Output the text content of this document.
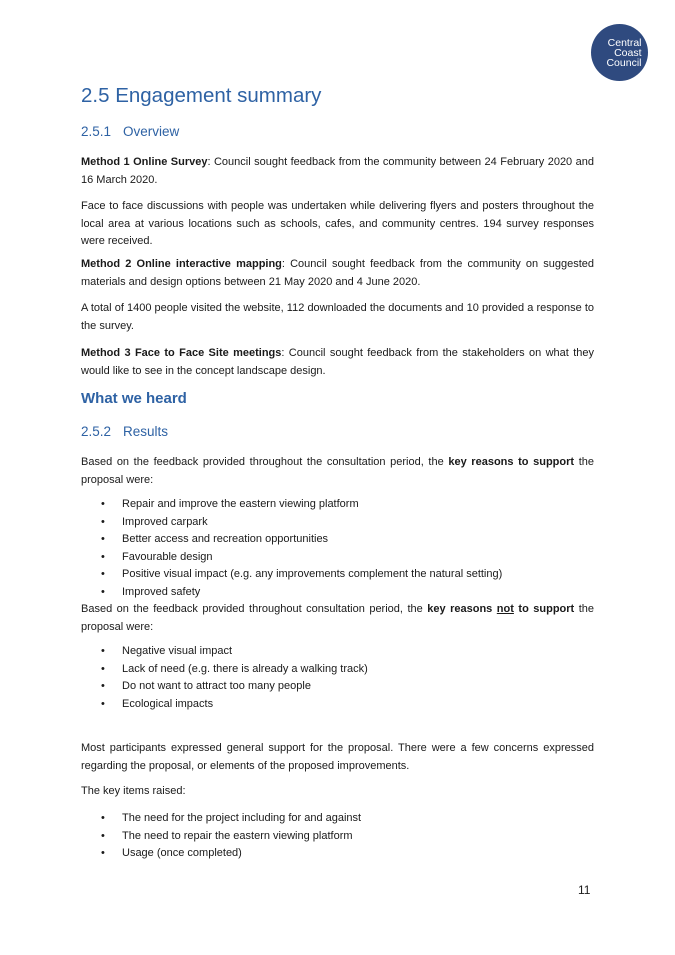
Central
Coast
Council
2.5 Engagement summary
2.5.1 Overview

Method 1 Online Survey: Council sought feedback from the community between 24 February 2020 and 16 March 2020.

Face to face discussions with people was undertaken while delivering flyers and posters throughout the local area at various locations such as schools, cafes, and community centres. 194 survey responses were received.

Method 2 Online interactive mapping: Council sought feedback from the community on suggested materials and design options between 21 May 2020 and 4 June 2020.

A total of 1400 people visited the website, 112 downloaded the documents and 10 provided a response to the survey.

Method 3 Face to Face Site meetings: Council sought feedback from the stakeholders on what they would like to see in the concept landscape design.

What we heard
2.5.2 Results

Based on the feedback provided throughout the consultation period, the key reasons to support the proposal were:

• Repair and improve the eastern viewing platform
• Improved carpark
• Better access and recreation opportunities
• Favourable design
• Positive visual impact (e.g. any improvements complement the natural setting)
• Improved safety

Based on the feedback provided throughout consultation period, the key reasons not to support the proposal were:

• Negative visual impact
• Lack of need (e.g. there is already a walking track)
• Do not want to attract too many people
• Ecological impacts

Most participants expressed general support for the proposal. There were a few concerns expressed regarding the proposal, or elements of the proposed improvements.

The key items raised:

• The need for the project including for and against
• The need to repair the eastern viewing platform
• Usage (once completed)
11
